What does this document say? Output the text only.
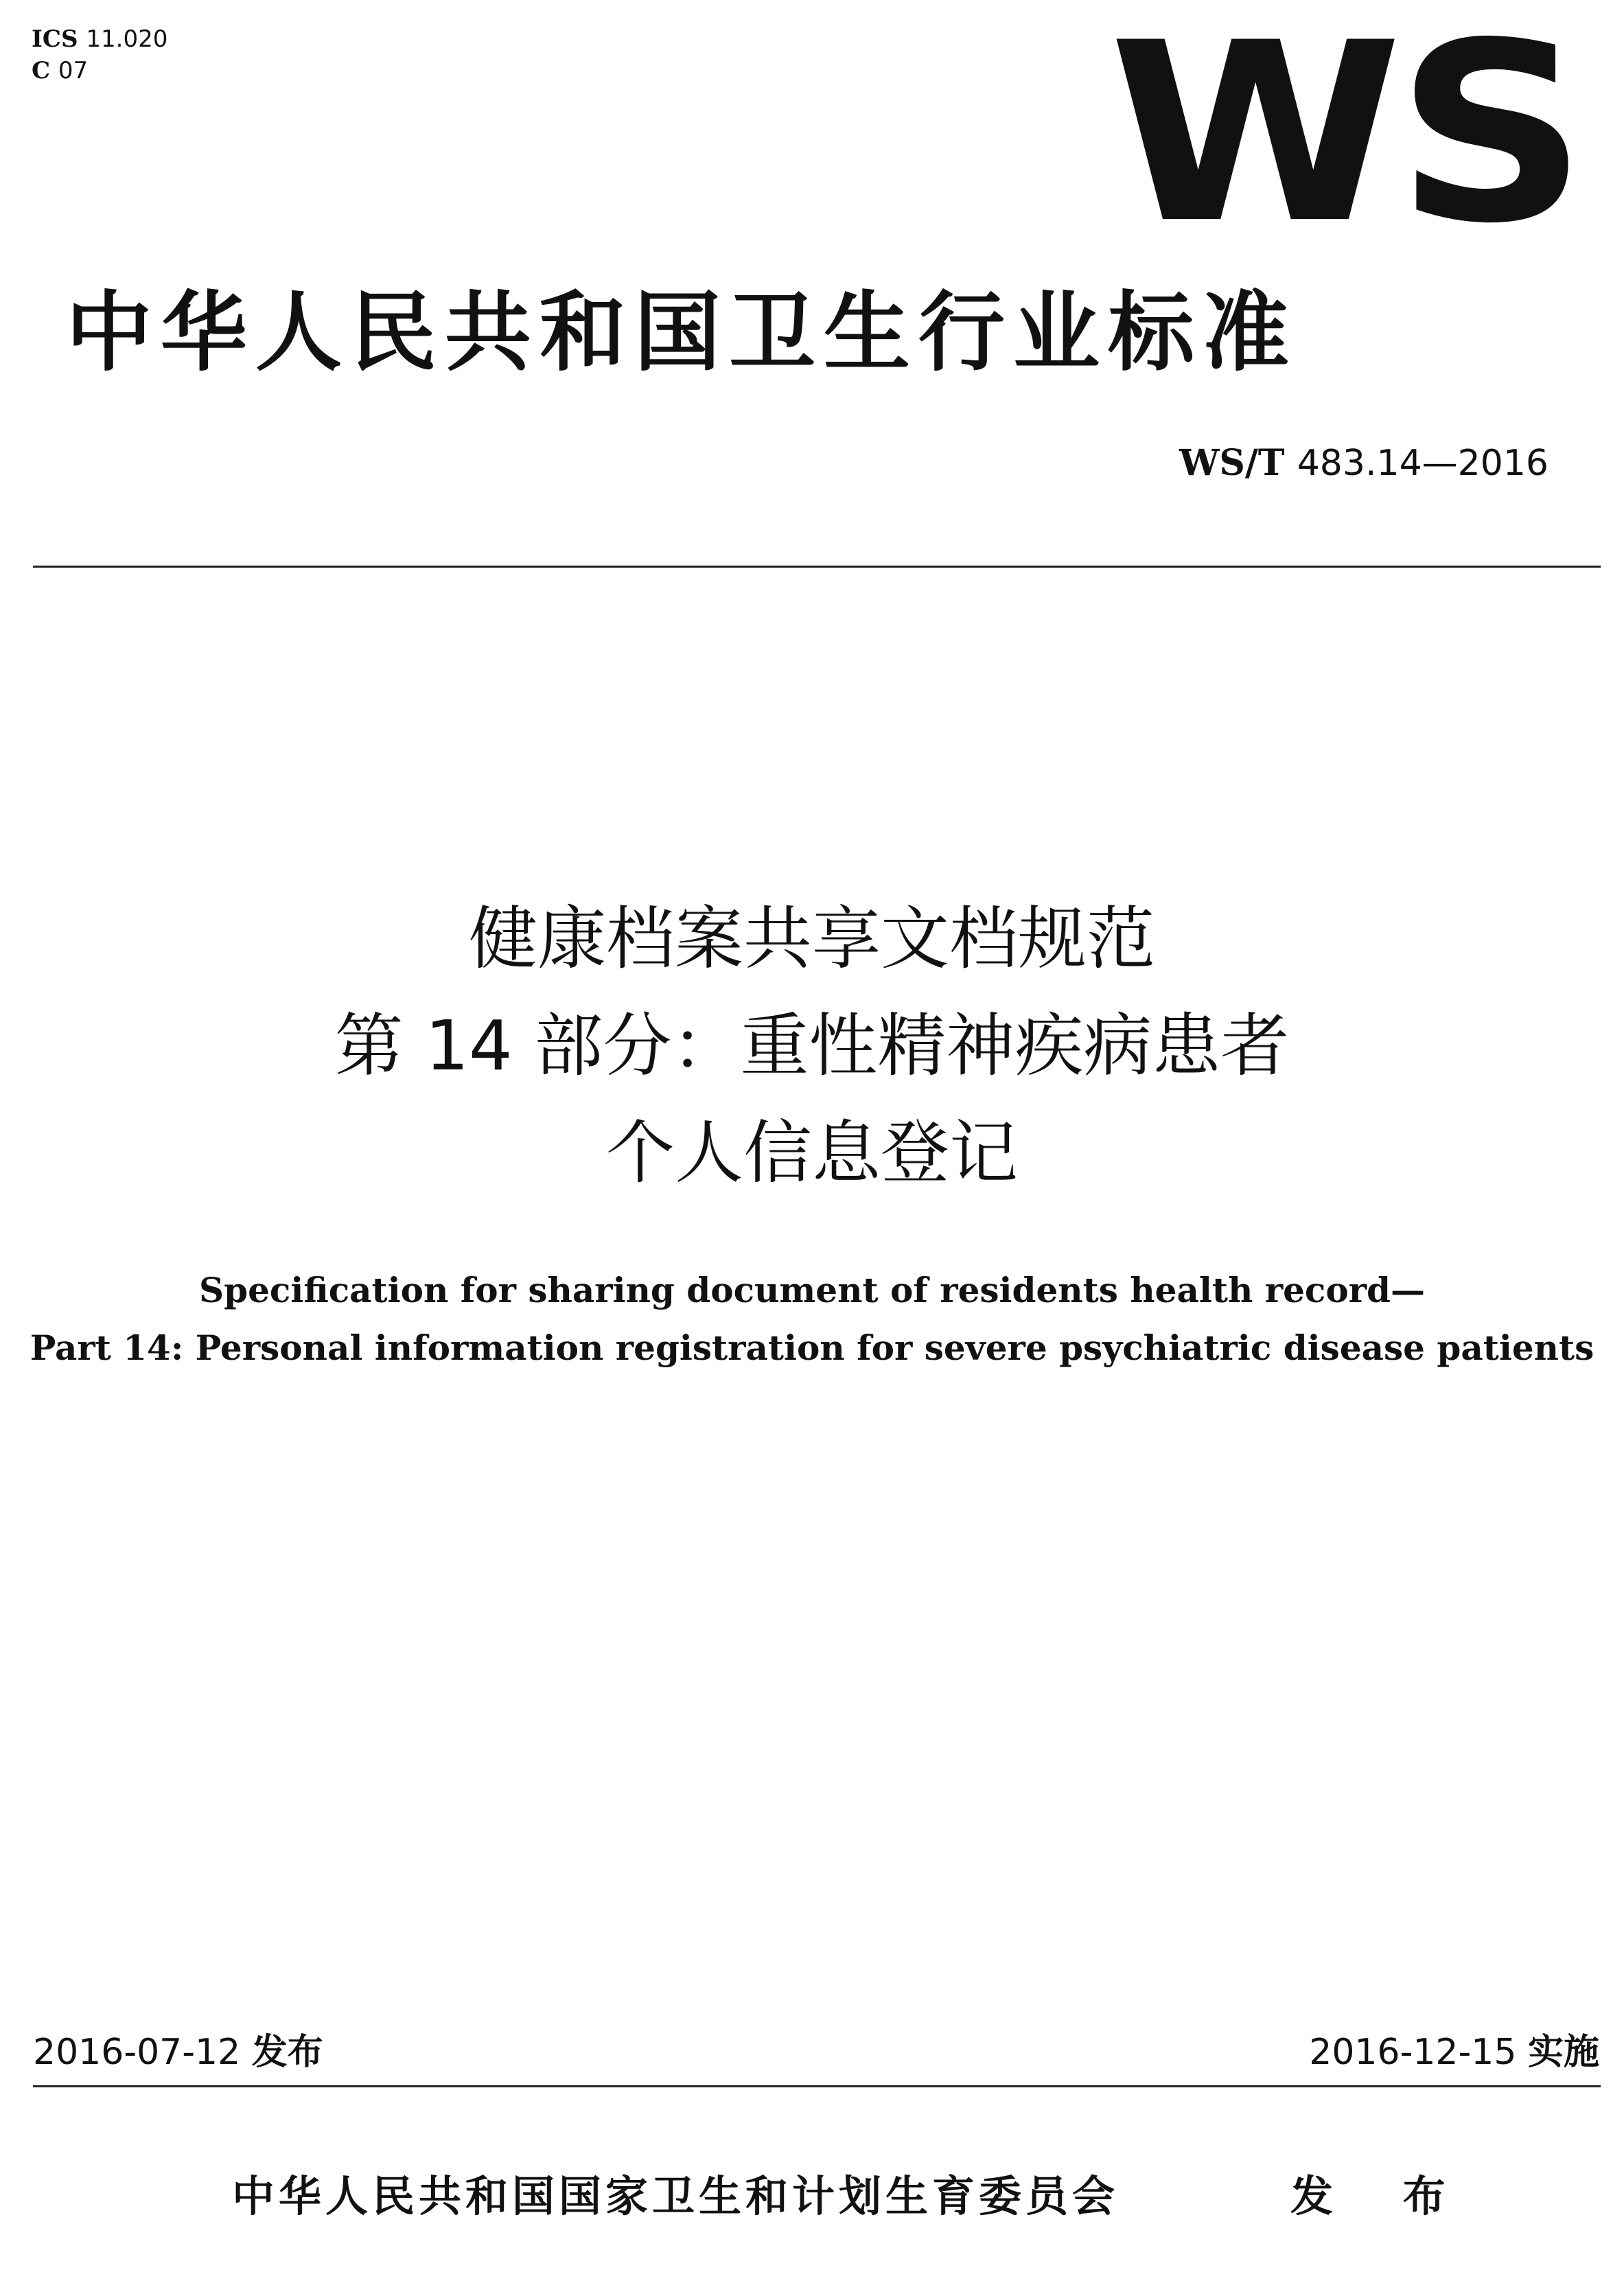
ICS 11.020
C 07	WS
中华人民共和国卫生行业标准
WS/T 483.14—2016
健康档案共享文档规范
第 14 部分：重性精神疾病患者
个人信息登记
Specification for sharing document of residents health record—
Part 14: Personal information registration for severe psychiatric disease patients
2016-07-12 发布	2016-12-15 实施
中华人民共和国国家卫生和计划生育委员会	发 布
